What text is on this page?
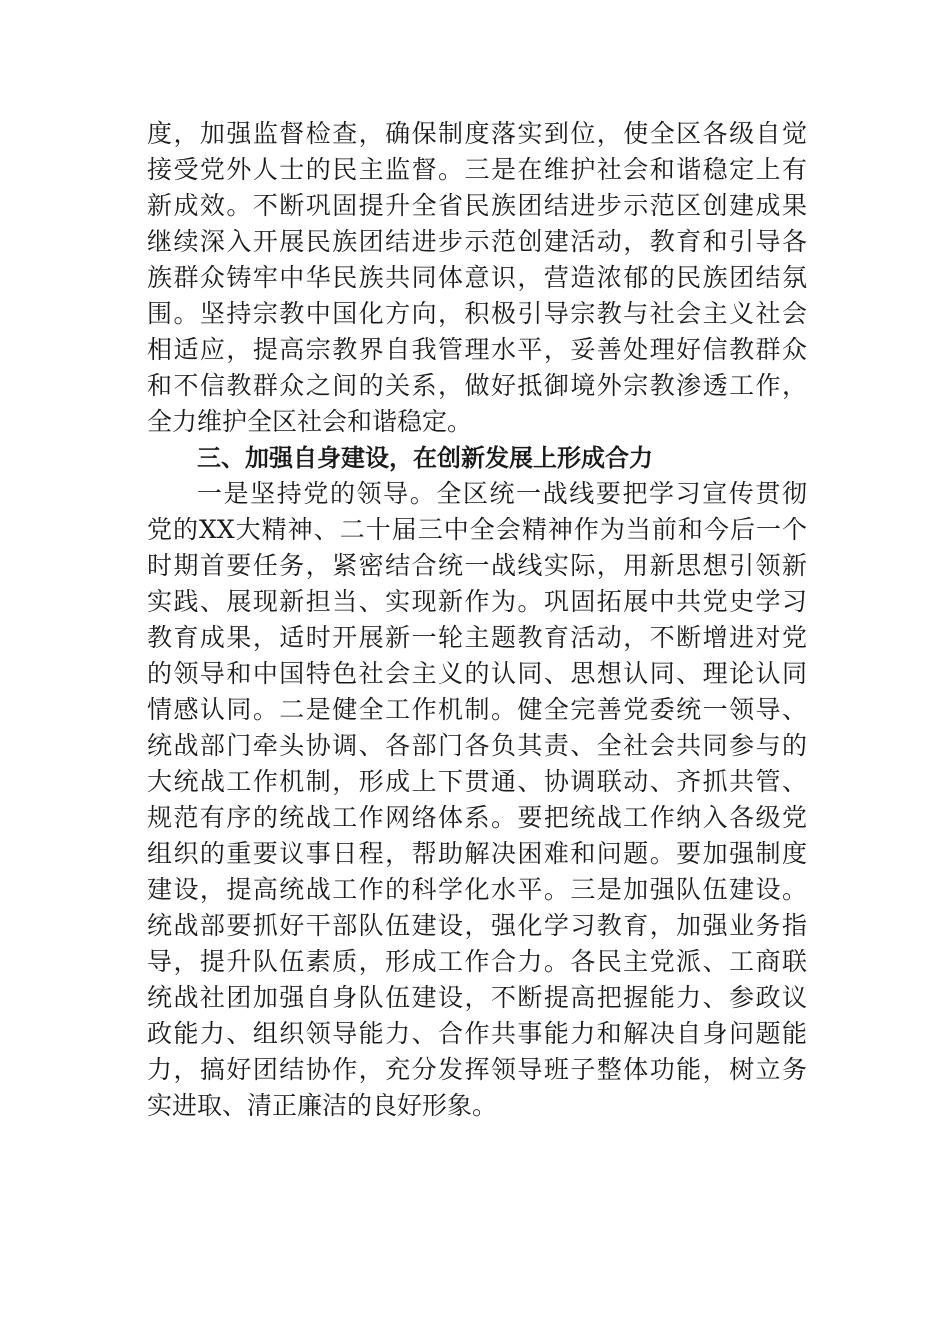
度，加强监督检查，确保制度落实到位，使全区各级自觉
接受党外人士的民主监督。三是在维护社会和谐稳定上有
新成效。不断巩固提升全省民族团结进步示范区创建成果
继续深入开展民族团结进步示范创建活动，教育和引导各
族群众铸牢中华民族共同体意识，营造浓郁的民族团结氛
围。坚持宗教中国化方向，积极引导宗教与社会主义社会
相适应，提高宗教界自我管理水平，妥善处理好信教群众
和不信教群众之间的关系，做好抵御境外宗教渗透工作，
全力维护全区社会和谐稳定。
三、加强自身建设，在创新发展上形成合力
一是坚持党的领导。全区统一战线要把学习宣传贯彻
党的XX大精神、二十届三中全会精神作为当前和今后一个
时期首要任务，紧密结合统一战线实际，用新思想引领新
实践、展现新担当、实现新作为。巩固拓展中共党史学习
教育成果，适时开展新一轮主题教育活动，不断增进对党
的领导和中国特色社会主义的认同、思想认同、理论认同
情感认同。二是健全工作机制。健全完善党委统一领导、
统战部门牵头协调、各部门各负其责、全社会共同参与的
大统战工作机制，形成上下贯通、协调联动、齐抓共管、
规范有序的统战工作网络体系。要把统战工作纳入各级党
组织的重要议事日程，帮助解决困难和问题。要加强制度
建设，提高统战工作的科学化水平。三是加强队伍建设。
统战部要抓好干部队伍建设，强化学习教育，加强业务指
导，提升队伍素质，形成工作合力。各民主党派、工商联
统战社团加强自身队伍建设，不断提高把握能力、参政议
政能力、组织领导能力、合作共事能力和解决自身问题能
力，搞好团结协作，充分发挥领导班子整体功能，树立务
实进取、清正廉洁的良好形象。
